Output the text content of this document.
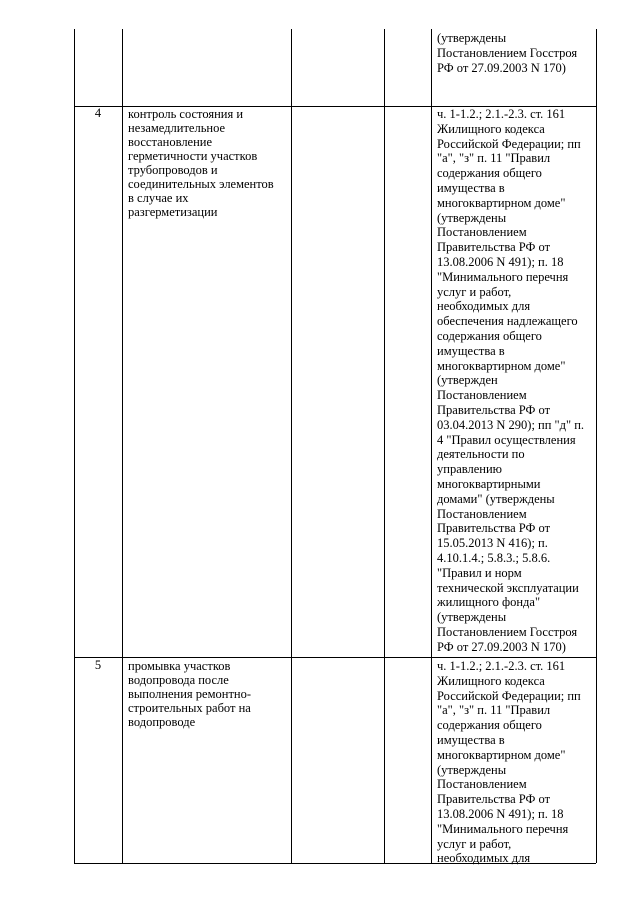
(утверждены
Постановлением Госстроя
РФ от 27.09.2003 N 170)
4	контроль состояния и
незамедлительное
восстановление
герметичности участков
трубопроводов и
соединительных элементов
в случае их
разгерметизации
ч. 1-1.2.; 2.1.-2.3. ст. 161
Жилищного кодекса
Российской Федерации; пп
"а", "з" п. 11 "Правил
содержания общего
имущества в
многоквартирном доме"
(утверждены
Постановлением
Правительства РФ от
13.08.2006 N 491); п. 18
"Минимального перечня
услуг и работ,
необходимых для
обеспечения надлежащего
содержания общего
имущества в
многоквартирном доме"
(утвержден
Постановлением
Правительства РФ от
03.04.2013 N 290); пп "д" п.
4 "Правил осуществления
деятельности по
управлению
многоквартирными
домами" (утверждены
Постановлением
Правительства РФ от
15.05.2013 N 416); п.
4.10.1.4.; 5.8.3.; 5.8.6.
"Правил и норм
технической эксплуатации
жилищного фонда"
(утверждены
Постановлением Госстроя
РФ от 27.09.2003 N 170)
5	промывка участков
водопровода после
выполнения ремонтно-
строительных работ на
водопроводе
ч. 1-1.2.; 2.1.-2.3. ст. 161
Жилищного кодекса
Российской Федерации; пп
"а", "з" п. 11 "Правил
содержания общего
имущества в
многоквартирном доме"
(утверждены
Постановлением
Правительства РФ от
13.08.2006 N 491); п. 18
"Минимального перечня
услуг и работ,
необходимых для
